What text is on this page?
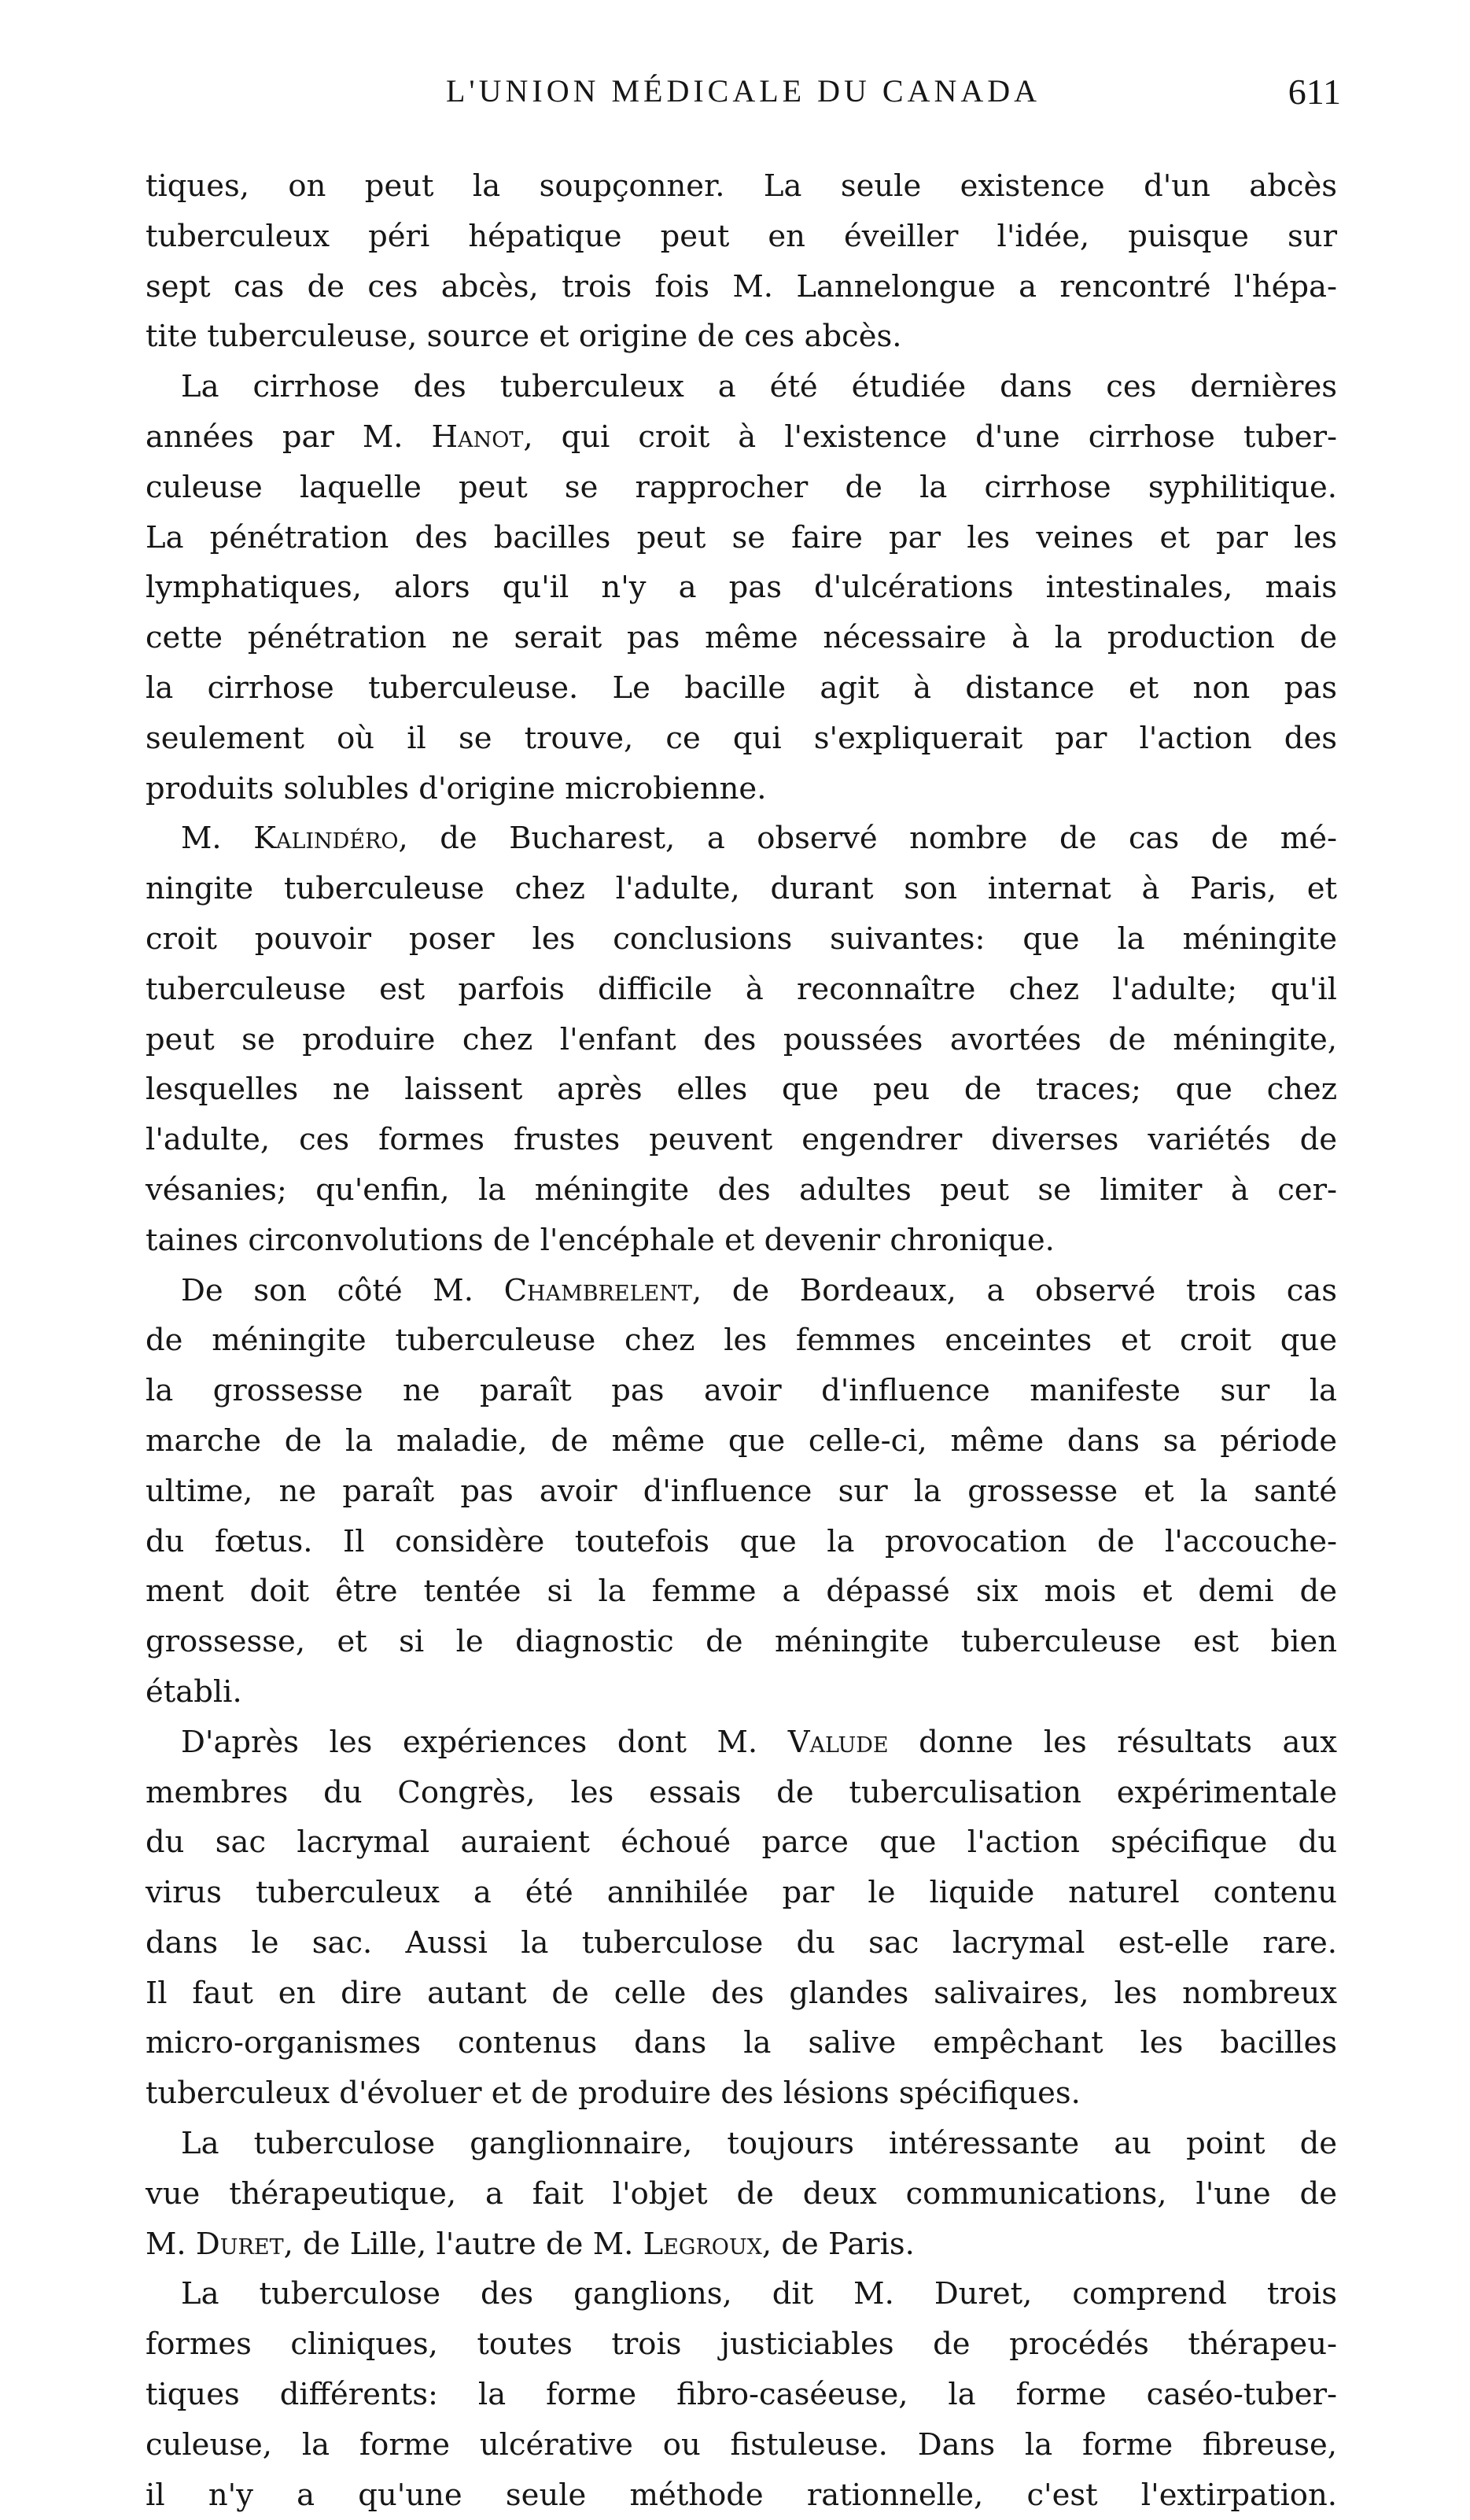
L'UNION MÉDICALE DU CANADA	611
tiques, on peut la soupçonner. La seule existence d'un abcès
tuberculeux péri hépatique peut en éveiller l'idée, puisque sur
sept cas de ces abcès, trois fois M. Lannelongue a rencontré l'hépa-
tite tuberculeuse, source et origine de ces abcès.
La cirrhose des tuberculeux a été étudiée dans ces dernières
années par M. Hanot, qui croit à l'existence d'une cirrhose tuber-
culeuse laquelle peut se rapprocher de la cirrhose syphilitique.
La pénétration des bacilles peut se faire par les veines et par les
lymphatiques, alors qu'il n'y a pas d'ulcérations intestinales, mais
cette pénétration ne serait pas même nécessaire à la production de
la cirrhose tuberculeuse. Le bacille agit à distance et non pas
seulement où il se trouve, ce qui s'expliquerait par l'action des
produits solubles d'origine microbienne.
M. Kalindéro, de Bucharest, a observé nombre de cas de mé-
ningite tuberculeuse chez l'adulte, durant son internat à Paris, et
croit pouvoir poser les conclusions suivantes: que la méningite
tuberculeuse est parfois difficile à reconnaître chez l'adulte; qu'il
peut se produire chez l'enfant des poussées avortées de méningite,
lesquelles ne laissent après elles que peu de traces; que chez
l'adulte, ces formes frustes peuvent engendrer diverses variétés de
vésanies; qu'enfin, la méningite des adultes peut se limiter à cer-
taines circonvolutions de l'encéphale et devenir chronique.
De son côté M. Chambrelent, de Bordeaux, a observé trois cas
de méningite tuberculeuse chez les femmes enceintes et croit que
la grossesse ne paraît pas avoir d'influence manifeste sur la
marche de la maladie, de même que celle-ci, même dans sa période
ultime, ne paraît pas avoir d'influence sur la grossesse et la santé
du fœtus. Il considère toutefois que la provocation de l'accouche-
ment doit être tentée si la femme a dépassé six mois et demi de
grossesse, et si le diagnostic de méningite tuberculeuse est bien
établi.
D'après les expériences dont M. Valude donne les résultats aux
membres du Congrès, les essais de tuberculisation expérimentale
du sac lacrymal auraient échoué parce que l'action spécifique du
virus tuberculeux a été annihilée par le liquide naturel contenu
dans le sac. Aussi la tuberculose du sac lacrymal est-elle rare.
Il faut en dire autant de celle des glandes salivaires, les nombreux
micro-organismes contenus dans la salive empêchant les bacilles
tuberculeux d'évoluer et de produire des lésions spécifiques.
La tuberculose ganglionnaire, toujours intéressante au point de
vue thérapeutique, a fait l'objet de deux communications, l'une de
M. Duret, de Lille, l'autre de M. Legroux, de Paris.
La tuberculose des ganglions, dit M. Duret, comprend trois
formes cliniques, toutes trois justiciables de procédés thérapeu-
tiques différents: la forme fibro-caséeuse, la forme caséo-tuber-
culeuse, la forme ulcérative ou fistuleuse. Dans la forme fibreuse,
il n'y a qu'une seule méthode rationnelle, c'est l'extirpation.
